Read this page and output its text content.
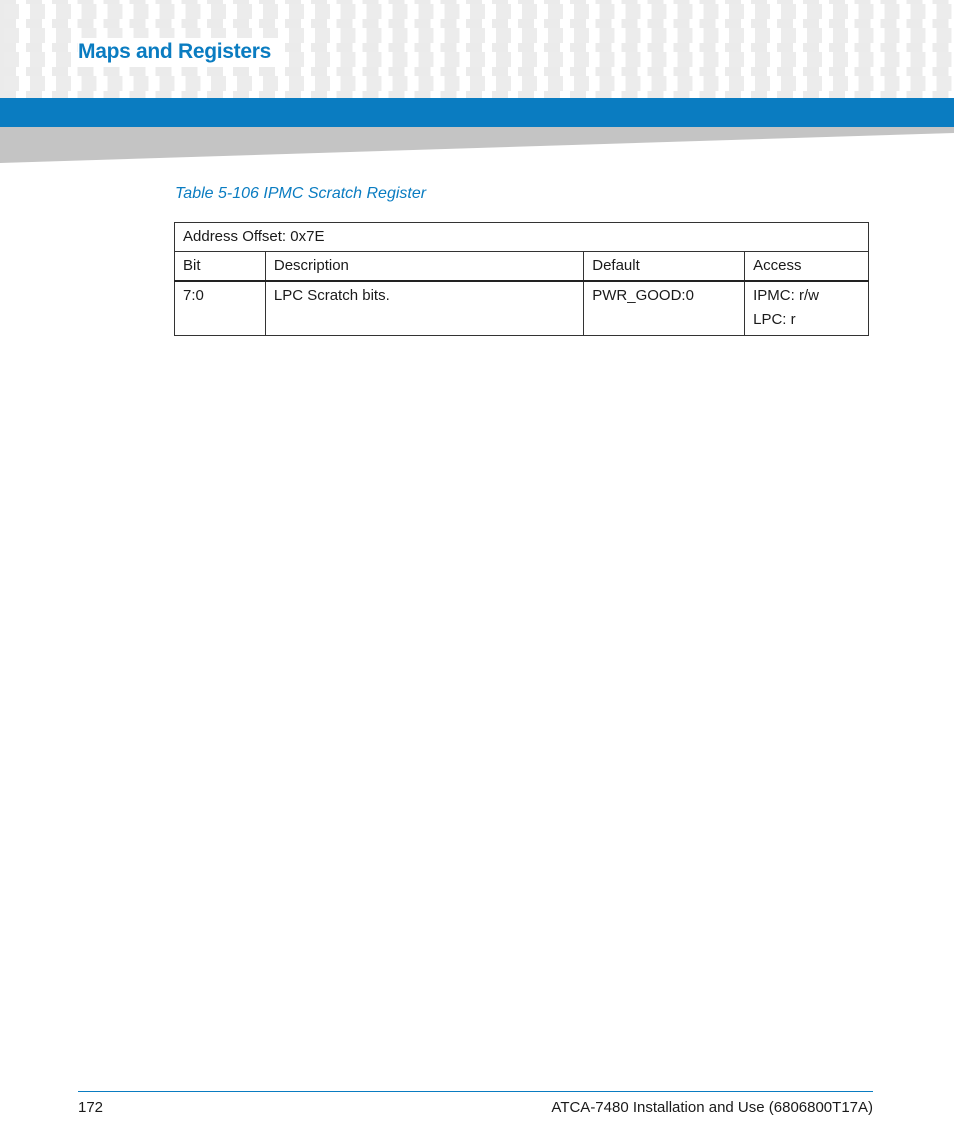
Maps and Registers
Table 5-106 IPMC Scratch Register
Address Offset: 0x7E			
Bit	Description	Default	Access
7:0	LPC Scratch bits.	PWR_GOOD:0	IPMC: r/w
LPC: r
172	ATCA-7480 Installation and Use (6806800T17A)
